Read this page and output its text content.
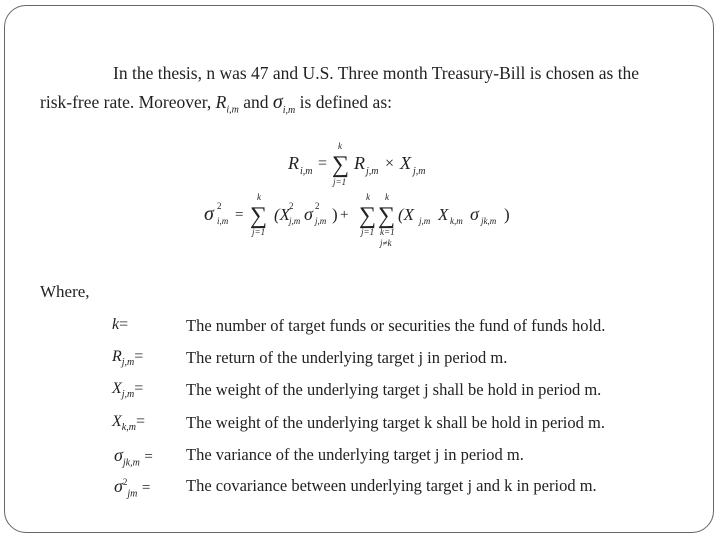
In the thesis, n was 47 and U.S. Three month Treasury-Bill is chosen as the
risk-free rate. Moreover, $R_{i,m}$ and $\sigma_{i,m}$ is defined as:
R i,m =
k
∑
j=1
R j,m × X j,m
σ 2
i,m =
k
∑
j=1
(X
2
j,m σ 2
j,m ) +
k
∑
j=1
k
∑
k=1
j≠k
(X j,m X k,m σ jk,m )
Where,
k=	The number of target funds or securities the fund of funds hold.
$R_{j,m}=$	The return of the underlying target j in period m.
$X_{j,m}=$	The weight of the underlying target j shall be hold in period m.
$X_{k,m}=$ The weight of the underlying target k shall be hold in period m.
$\sigma_{jk,m}$ = The variance of the underlying target j in period m.
$\sigma^2_{jm}$ = The covariance between underlying target j and k in period m.
